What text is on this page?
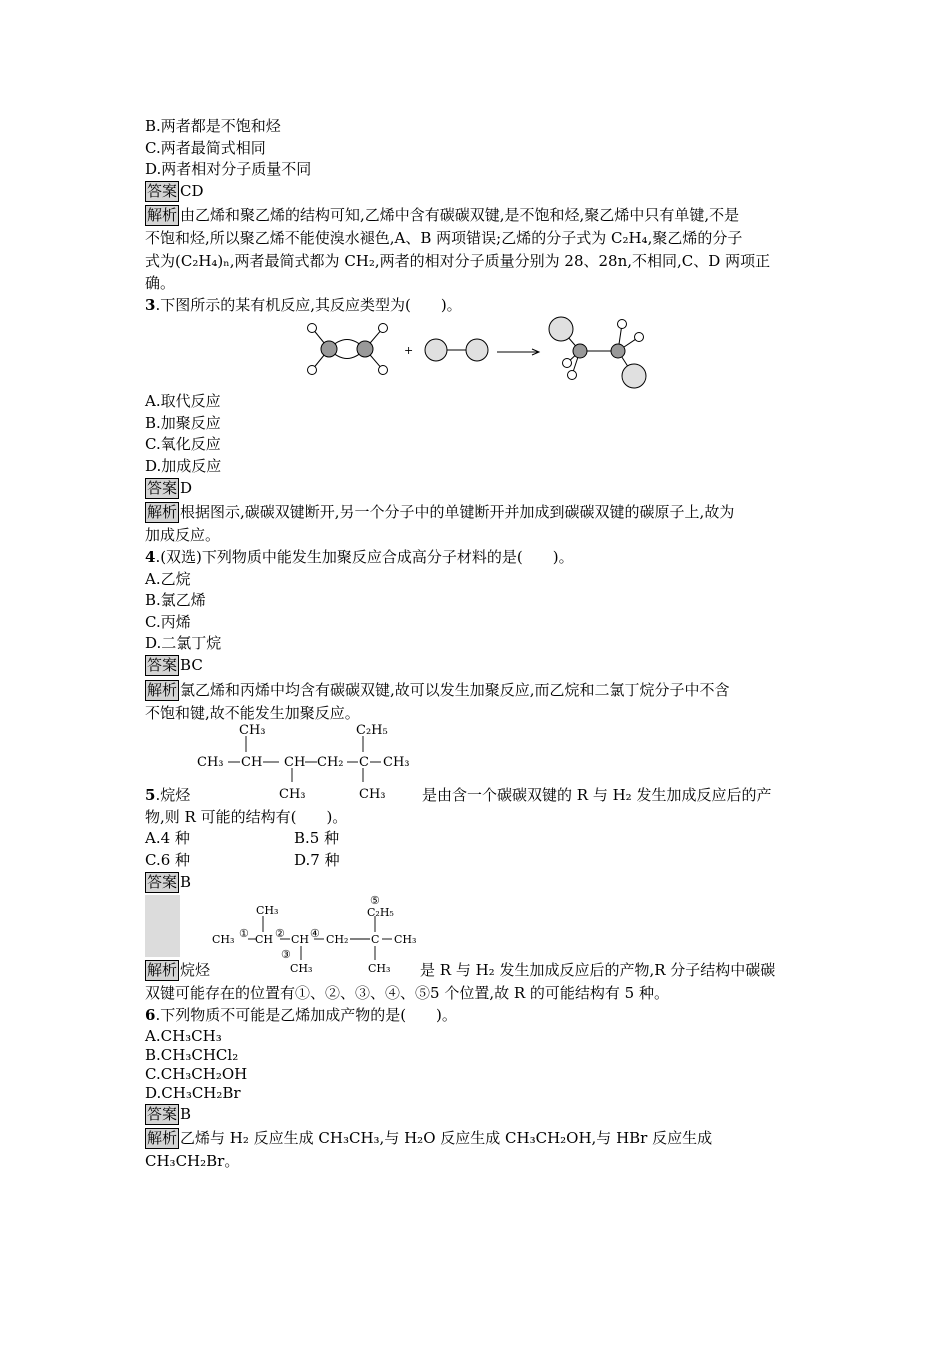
B.两者都是不饱和烃
C.两者最简式相同
D.两者相对分子质量不同
答案 CD
解析 由乙烯和聚乙烯的结构可知,乙烯中含有碳碳双键,是不饱和烃,聚乙烯中只有单键,不是
不饱和烃,所以聚乙烯不能使溴水褪色,A、B 两项错误;乙烯的分子式为 C₂H₄,聚乙烯的分子
式为(C₂H₄)ₙ,两者最简式都为 CH₂,两者的相对分子质量分别为 28、28n,不相同,C、D 两项正
确。
3.下图所示的某有机反应,其反应类型为(　　)。
+
A.取代反应
B.加聚反应
C.氧化反应
D.加成反应
答案 D
解析 根据图示,碳碳双键断开,另一个分子中的单键断开并加成到碳碳双键的碳原子上,故为
加成反应。
4.(双选)下列物质中能发生加聚反应合成高分子材料的是(　　)。
A.乙烷
B.氯乙烯
C.丙烯
D.二氯丁烷
答案 BC
解析 氯乙烯和丙烯中均含有碳碳双键,故可以发生加聚反应,而乙烷和二氯丁烷分子中不含
不饱和键,故不能发生加聚反应。
CH₃	C₂H₅
CH₃ CH CH CH₂ C CH₃
CH₃	CH₃
5.烷烃	是由含一个碳碳双键的 R 与 H₂ 发生加成反应后的产
物,则 R 可能的结构有(　　)。
A.4 种	B.5 种
C.6 种	D.7 种
答案 B
⑤
C₂H₅
CH₃
CH₃ ① CH ② CH ④ CH₂ C CH₃
③
CH₃	CH₃
解析 烷烃	是 R 与 H₂ 发生加成反应后的产物,R 分子结构中碳碳
双键可能存在的位置有①、②、③、④、⑤5 个位置,故 R 的可能结构有 5 种。
6.下列物质不可能是乙烯加成产物的是(　　)。
A.CH₃CH₃
B.CH₃CHCl₂
C.CH₃CH₂OH
D.CH₃CH₂Br
答案 B
解析 乙烯与 H₂ 反应生成 CH₃CH₃,与 H₂O 反应生成 CH₃CH₂OH,与 HBr 反应生成
CH₃CH₂Br。
